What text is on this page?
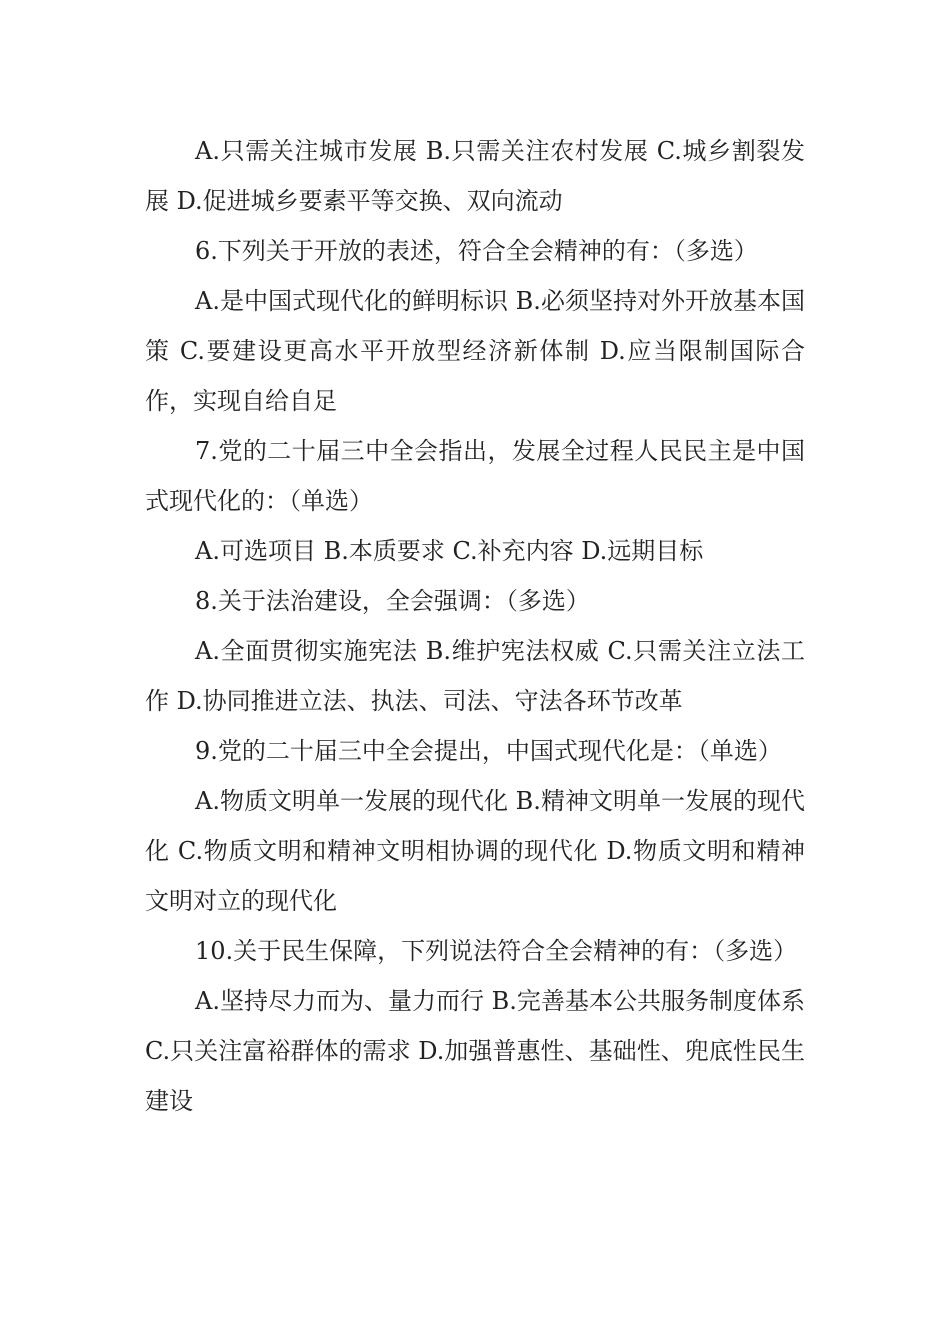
A.只需关注城市发展 B.只需关注农村发展 C.城乡割裂发展 D.促进城乡要素平等交换、双向流动

6.下列关于开放的表述，符合全会精神的有：（多选）

A.是中国式现代化的鲜明标识 B.必须坚持对外开放基本国策 C.要建设更高水平开放型经济新体制 D.应当限制国际合作，实现自给自足

7.党的二十届三中全会指出，发展全过程人民民主是中国式现代化的：（单选）

A.可选项目 B.本质要求 C.补充内容 D.远期目标

8.关于法治建设，全会强调：（多选）

A.全面贯彻实施宪法 B.维护宪法权威 C.只需关注立法工作 D.协同推进立法、执法、司法、守法各环节改革

9.党的二十届三中全会提出，中国式现代化是：（单选）

A.物质文明单一发展的现代化 B.精神文明单一发展的现代化 C.物质文明和精神文明相协调的现代化 D.物质文明和精神文明对立的现代化

10.关于民生保障，下列说法符合全会精神的有：（多选）

A.坚持尽力而为、量力而行 B.完善基本公共服务制度体系 C.只关注富裕群体的需求 D.加强普惠性、基础性、兜底性民生建设
